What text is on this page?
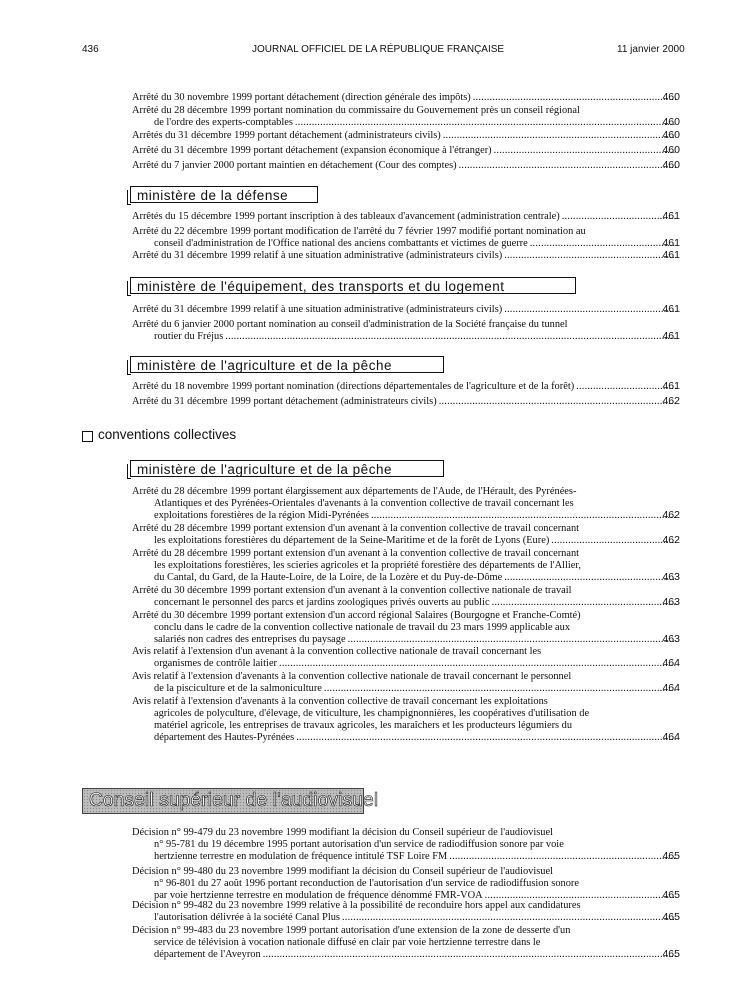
436	JOURNAL OFFICIEL DE LA RÉPUBLIQUE FRANÇAISE	11 janvier 2000
ministère de la défense
ministère de l'équipement, des transports et du logement
ministère de l'agriculture et de la pêche
conventions collectives
ministère de l'agriculture et de la pêche
Conseil supérieur de l'audiovisuel
Arrêté du 30 novembre 1999 portant détachement (direction générale des impôts) .....	460
Arrêté du 28 décembre 1999 portant nomination du commissaire du Gouvernement près un conseil régional
de l'ordre des experts-comptables .....	460
Arrêtés du 31 décembre 1999 portant détachement (administrateurs civils) .....	460
Arrêté du 31 décembre 1999 portant détachement (expansion économique à l'étranger) .....	460
Arrêté du 7 janvier 2000 portant maintien en détachement (Cour des comptes) .....	460
Arrêtés du 15 décembre 1999 portant inscription à des tableaux d'avancement (administration centrale) .....	461
Arrêté du 22 décembre 1999 portant modification de l'arrêté du 7 février 1997 modifié portant nomination au
conseil d'administration de l'Office national des anciens combattants et victimes de guerre .....	461
Arrêté du 31 décembre 1999 relatif à une situation administrative (administrateurs civils) .....	461
Arrêté du 31 décembre 1999 relatif à une situation administrative (administrateurs civils) .....	461
Arrêté du 6 janvier 2000 portant nomination au conseil d'administration de la Société française du tunnel
routier du Fréjus .....	461
Arrêté du 18 novembre 1999 portant nomination (directions départementales de l'agriculture et de la forêt) .....	461
Arrêté du 31 décembre 1999 portant détachement (administrateurs civils) .....	462
Arrêté du 28 décembre 1999 portant élargissement aux départements de l'Aude, de l'Hérault, des Pyrénées-
Atlantiques et des Pyrénées-Orientales d'avenants à la convention collective de travail concernant les
exploitations forestières de la région Midi-Pyrénées .....	462
Arrêté du 28 décembre 1999 portant extension d'un avenant à la convention collective de travail concernant
les exploitations forestières du département de la Seine-Maritime et de la forêt de Lyons (Eure) .....	462
Arrêté du 28 décembre 1999 portant extension d'un avenant à la convention collective de travail concernant
les exploitations forestières, les scieries agricoles et la propriété forestière des départements de l'Allier,
du Cantal, du Gard, de la Haute-Loire, de la Loire, de la Lozère et du Puy-de-Dôme .....	463
Arrêté du 30 décembre 1999 portant extension d'un avenant à la convention collective nationale de travail
concernant le personnel des parcs et jardins zoologiques privés ouverts au public .....	463
Arrêté du 30 décembre 1999 portant extension d'un accord régional Salaires (Bourgogne et Franche-Comté)
conclu dans le cadre de la convention collective nationale de travail du 23 mars 1999 applicable aux
salariés non cadres des entreprises du paysage .....	463
Avis relatif à l'extension d'un avenant à la convention collective nationale de travail concernant les
organismes de contrôle laitier .....	464
Avis relatif à l'extension d'avenants à la convention collective nationale de travail concernant le personnel
de la pisciculture et de la salmoniculture .....	464
Avis relatif à l'extension d'avenants à la convention collective de travail concernant les exploitations
agricoles de polyculture, d'élevage, de viticulture, les champignonnières, les coopératives d'utilisation de
matériel agricole, les entreprises de travaux agricoles, les maraîchers et les producteurs légumiers du
département des Hautes-Pyrénées .....	464
Décision n° 99-479 du 23 novembre 1999 modifiant la décision du Conseil supérieur de l'audiovisuel
n° 95-781 du 19 décembre 1995 portant autorisation d'un service de radiodiffusion sonore par voie
hertzienne terrestre en modulation de fréquence intitulé TSF Loire FM .....	465
Décision n° 99-480 du 23 novembre 1999 modifiant la décision du Conseil supérieur de l'audiovisuel
n° 96-801 du 27 août 1996 portant reconduction de l'autorisation d'un service de radiodiffusion sonore
par voie hertzienne terrestre en modulation de fréquence dénommé FMR-VOA .....	465
Décision n° 99-482 du 23 novembre 1999 relative à la possibilité de reconduire hors appel aux candidatures
l'autorisation délivrée à la société Canal Plus .....	465
Décision n° 99-483 du 23 novembre 1999 portant autorisation d'une extension de la zone de desserte d'un
service de télévision à vocation nationale diffusé en clair par voie hertzienne terrestre dans le
département de l'Aveyron .....	465
